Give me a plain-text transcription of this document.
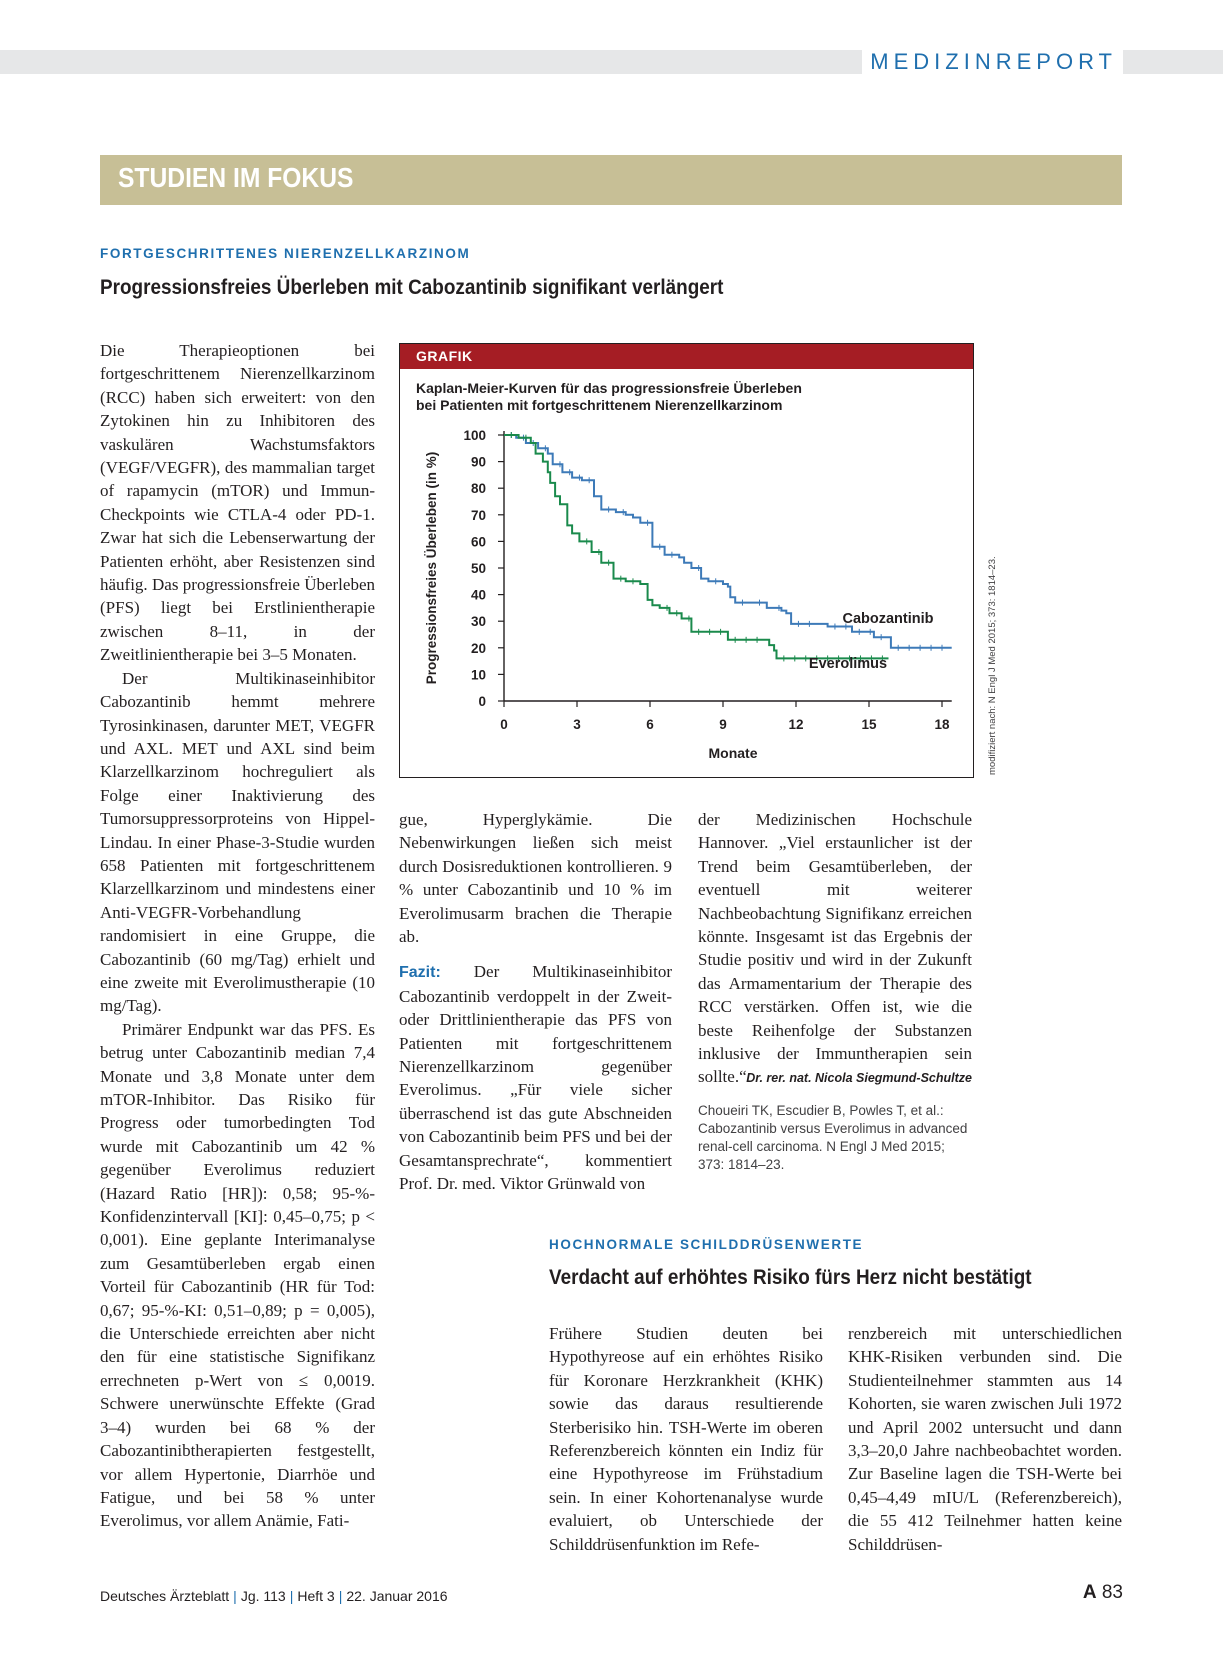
MEDIZINREPORT
STUDIEN IM FOKUS
FORTGESCHRITTENES NIERENZELLKARZINOM
Progressionsfreies Überleben mit Cabozantinib signifikant verlängert

Die Therapieoptionen bei fortgeschrittenem Nierenzellkarzinom (RCC) haben sich erweitert: von den Zytokinen hin zu Inhibitoren des vaskulären Wachstumsfaktors (VEGF/VEGFR), des mammalian target of rapamycin (mTOR) und Immun-Checkpoints wie CTLA-4 oder PD-1. Zwar hat sich die Lebenserwartung der Patienten erhöht, aber Resistenzen sind häufig. Das progressionsfreie Überleben (PFS) liegt bei Erstlinientherapie zwischen 8–11, in der Zweitlinientherapie bei 3–5 Monaten.

Der Multikinaseinhibitor Cabozantinib hemmt mehrere Tyrosinkinasen, darunter MET, VEGFR und AXL. MET und AXL sind beim Klarzellkarzinom hochreguliert als Folge einer Inaktivierung des Tumorsuppressorproteins von Hippel-Lindau. In einer Phase-3-Studie wurden 658 Patienten mit fortgeschrittenem Klarzellkarzinom und mindestens einer Anti-VEGFR-Vorbehandlung randomisiert in eine Gruppe, die Cabozantinib (60 mg/Tag) erhielt und eine zweite mit Everolimustherapie (10 mg/Tag).

Primärer Endpunkt war das PFS. Es betrug unter Cabozantinib median 7,4 Monate und 3,8 Monate unter dem mTOR-Inhibitor. Das Risiko für Progress oder tumorbedingten Tod wurde mit Cabozantinib um 42 % gegenüber Everolimus reduziert (Hazard Ratio [HR]): 0,58; 95-%-Konfidenzintervall [KI]: 0,45–0,75; p < 0,001). Eine geplante Interimanalyse zum Gesamtüberleben ergab einen Vorteil für Cabozantinib (HR für Tod: 0,67; 95-%-KI: 0,51–0,89; p = 0,005), die Unterschiede erreichten aber nicht den für eine statistische Signifikanz errechneten p-Wert von ≤ 0,0019. Schwere unerwünschte Effekte (Grad 3–4) wurden bei 68 % der Cabozantinibtherapierten festgestellt, vor allem Hypertonie, Diarrhöe und Fatigue, und bei 58 % unter Everolimus, vor allem Anämie, Fati-

GRAFIK
Kaplan-Meier-Kurven für das progressionsfreie Überleben
bei Patienten mit fortgeschrittenem Nierenzellkarzinom
0
10
20
30
40
50
60
70
80
90
100
0	3	6	9	12	15	18
Monate
Progressionsfreies Überleben (in %)	Cabozantinib
Everolimus	modifiziert nach: N Engl J Med 2015; 373: 1814–23.

gue, Hyperglykämie. Die Nebenwirkungen ließen sich meist durch Dosisreduktionen kontrollieren. 9 % unter Cabozantinib und 10 % im Everolimusarm brachen die Therapie ab.

Fazit: Der Multikinaseinhibitor Cabozantinib verdoppelt in der Zweit- oder Drittlinientherapie das PFS von Patienten mit fortgeschrittenem Nierenzellkarzinom gegenüber Everolimus. „Für viele sicher überraschend ist das gute Abschneiden von Cabozantinib beim PFS und bei der Gesamtansprechrate“, kommentiert Prof. Dr. med. Viktor Grünwald von

der Medizinischen Hochschule Hannover. „Viel erstaunlicher ist der Trend beim Gesamtüberleben, der eventuell mit weiterer Nachbeobachtung Signifikanz erreichen könnte. Insgesamt ist das Ergebnis der Studie positiv und wird in der Zukunft das Armamentarium der Therapie des RCC verstärken. Offen ist, wie die beste Reihenfolge der Substanzen inklusive der Immuntherapien sein sollte.“ Dr. rer. nat. Nicola Siegmund-Schultze
Choueiri TK, Escudier B, Powles T, et al.: Cabozantinib versus Everolimus in advanced renal-cell carcinoma. N Engl J Med 2015; 373: 1814–23.
HOCHNORMALE SCHILDDRÜSENWERTE
Verdacht auf erhöhtes Risiko fürs Herz nicht bestätigt

Frühere Studien deuten bei Hypothyreose auf ein erhöhtes Risiko für Koronare Herzkrankheit (KHK) sowie das daraus resultierende Sterberisiko hin. TSH-Werte im oberen Referenzbereich könnten ein Indiz für eine Hypothyreose im Frühstadium sein. In einer Kohortenanalyse wurde evaluiert, ob Unterschiede der Schilddrüsenfunktion im Refe-

renzbereich mit unterschiedlichen KHK-Risiken verbunden sind. Die Studienteilnehmer stammten aus 14 Kohorten, sie waren zwischen Juli 1972 und April 2002 untersucht und dann 3,3–20,0 Jahre nachbeobachtet worden. Zur Baseline lagen die TSH-Werte bei 0,45–4,49 mIU/L (Referenzbereich), die 55 412 Teilnehmer hatten keine Schilddrüsen-

Deutsches Ärzteblatt | Jg. 113 | Heft 3 | 22. Januar 2016	A 83
